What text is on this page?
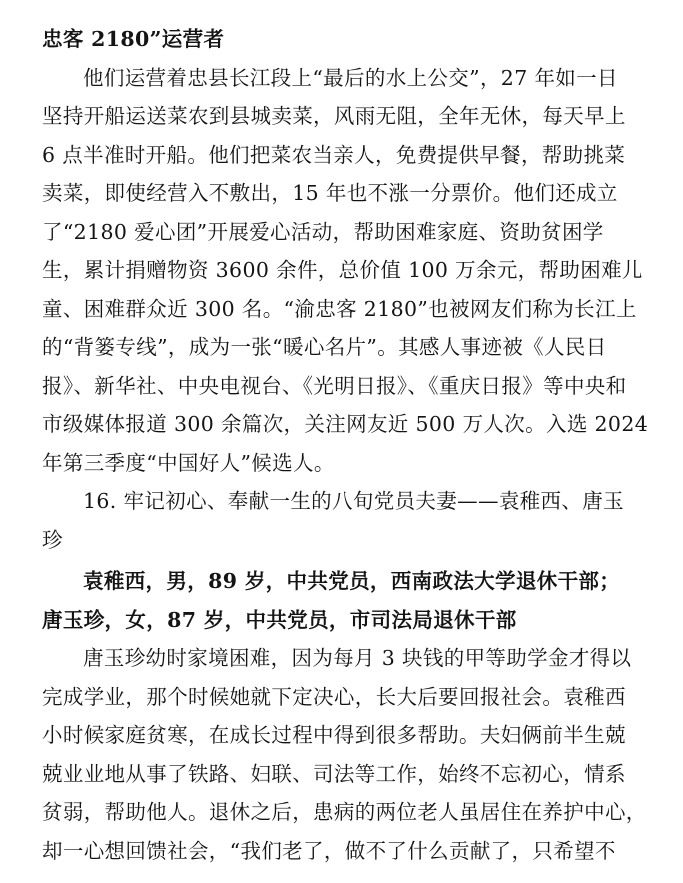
忠客 2180”运营者
他们运营着忠县长江段上“最后的水上公交”，27 年如一日
坚持开船运送菜农到县城卖菜，风雨无阻，全年无休，每天早上
6 点半准时开船。他们把菜农当亲人，免费提供早餐，帮助挑菜
卖菜，即使经营入不敷出，15 年也不涨一分票价。他们还成立
了“2180 爱心团”开展爱心活动，帮助困难家庭、资助贫困学
生，累计捐赠物资 3600 余件，总价值 100 万余元，帮助困难儿
童、困难群众近 300 名。“渝忠客 2180”也被网友们称为长江上
的“背篓专线”，成为一张“暖心名片”。其感人事迹被《人民日
报》、新华社、中央电视台、《光明日报》、《重庆日报》等中央和
市级媒体报道 300 余篇次，关注网友近 500 万人次。入选 2024
年第三季度“中国好人”候选人。
16. 牢记初心、奉献一生的八旬党员夫妻——袁稚西、唐玉
珍
袁稚西，男，89 岁，中共党员，西南政法大学退休干部；
唐玉珍，女，87 岁，中共党员，市司法局退休干部
唐玉珍幼时家境困难，因为每月 3 块钱的甲等助学金才得以
完成学业，那个时候她就下定决心，长大后要回报社会。袁稚西
小时候家庭贫寒，在成长过程中得到很多帮助。夫妇俩前半生兢
兢业业地从事了铁路、妇联、司法等工作，始终不忘初心，情系
贫弱，帮助他人。退休之后，患病的两位老人虽居住在养护中心，
却一心想回馈社会，“我们老了，做不了什么贡献了，只希望不
